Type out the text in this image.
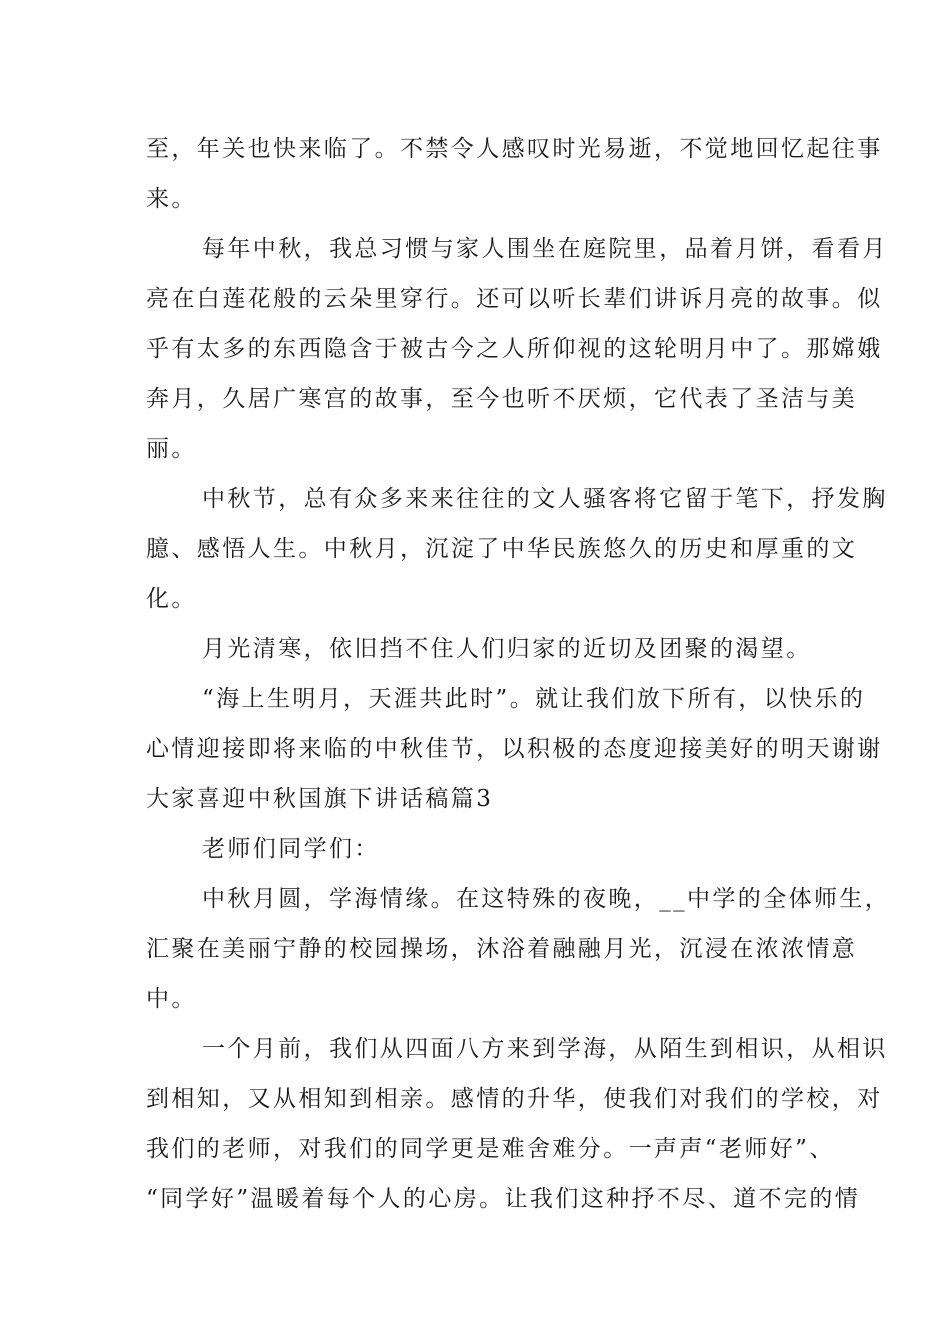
至，年关也快来临了。不禁令人感叹时光易逝，不觉地回忆起往事
来。
每年中秋，我总习惯与家人围坐在庭院里，品着月饼，看看月
亮在白莲花般的云朵里穿行。还可以听长辈们讲诉月亮的故事。似
乎有太多的东西隐含于被古今之人所仰视的这轮明月中了。那嫦娥
奔月，久居广寒宫的故事，至今也听不厌烦，它代表了圣洁与美
丽。
中秋节，总有众多来来往往的文人骚客将它留于笔下，抒发胸
臆、感悟人生。中秋月，沉淀了中华民族悠久的历史和厚重的文
化。
月光清寒，依旧挡不住人们归家的近切及团聚的渴望。
“海上生明月，天涯共此时”。就让我们放下所有，以快乐的
心情迎接即将来临的中秋佳节，以积极的态度迎接美好的明天谢谢
大家喜迎中秋国旗下讲话稿篇3
老师们同学们：
中秋月圆，学海情缘。在这特殊的夜晚，__中学的全体师生，
汇聚在美丽宁静的校园操场，沐浴着融融月光，沉浸在浓浓情意
中。
一个月前，我们从四面八方来到学海，从陌生到相识，从相识
到相知，又从相知到相亲。感情的升华，使我们对我们的学校，对
我们的老师，对我们的同学更是难舍难分。一声声“老师好”、
“同学好”温暖着每个人的心房。让我们这种抒不尽、道不完的情
